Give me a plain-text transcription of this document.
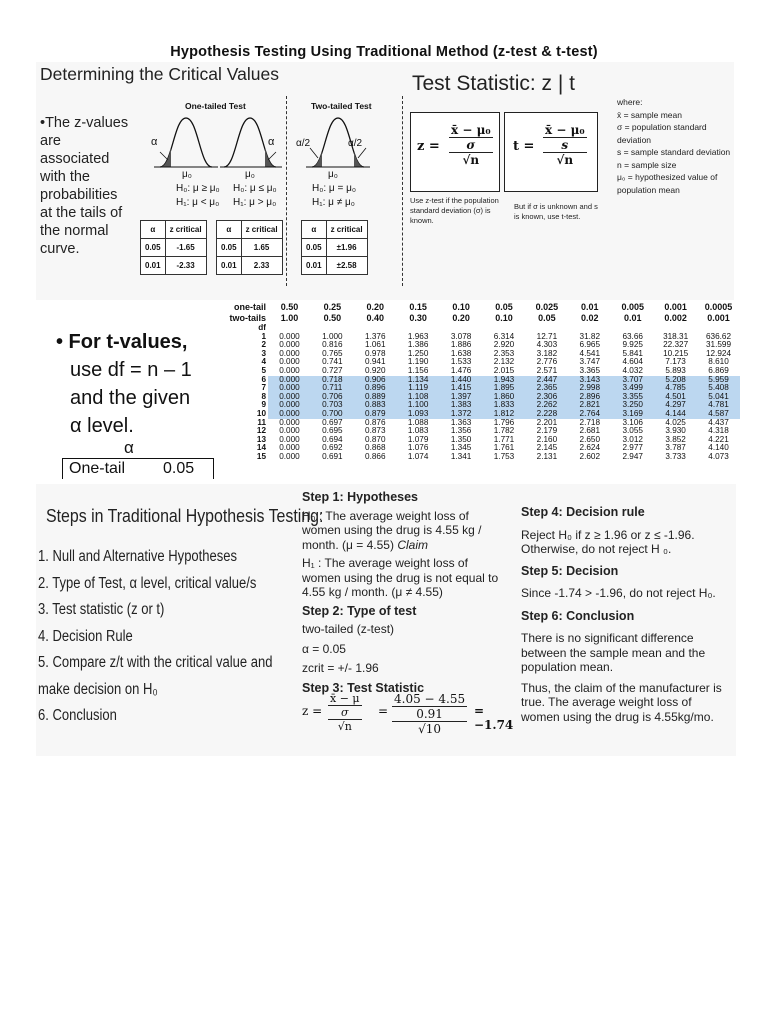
Hypothesis Testing Using Traditional Method (z-test & t-test)
Determining the Critical Values
•The z-values are associated with the probabilities at the tails of the normal curve.
One-tailed Test	Two-tailed Test
α	α α/2	α/2
μ₀
H₀: μ ≥ μ₀
H₁: μ < μ₀
μ₀
H₀: μ ≤ μ₀
H₁: μ > μ₀
μ₀
H₀: μ = μ₀
H₁: μ ≠ μ₀
α	z critical
0.05	-1.65
0.01	-2.33
α	z critical
0.05	1.65
0.01	2.33
α	z critical
0.05	±1.96
0.01	±2.58
Test Statistic: z | t
z =
x̄ − μ₀
σ
√n
t =
x̄ − μ₀
s
√n
Use z-test if the population standard deviation (σ) is known.
But if σ is unknown and s is known, use t-test.
where:
x̄ = sample mean
σ = population standard deviation
s = sample standard deviation
n = sample size
μ₀ = hypothesized value of population mean
• For t-values,
use df = n – 1
and the given
α level.
α
One-tail 0.05
one-tail	0.50	0.25	0.20	0.15	0.10	0.05	0.025	0.01	0.005	0.001	0.0005
two-tails	1.00	0.50	0.40	0.30	0.20	0.10	0.05	0.02	0.01	0.002	0.001
df											
1	0.000	1.000	1.376	1.963	3.078	6.314	12.71	31.82	63.66	318.31	636.62
2	0.000	0.816	1.061	1.386	1.886	2.920	4.303	6.965	9.925	22.327	31.599
3	0.000	0.765	0.978	1.250	1.638	2.353	3.182	4.541	5.841	10.215	12.924
4	0.000	0.741	0.941	1.190	1.533	2.132	2.776	3.747	4.604	7.173	8.610
5	0.000	0.727	0.920	1.156	1.476	2.015	2.571	3.365	4.032	5.893	6.869
6	0.000	0.718	0.906	1.134	1.440	1.943	2.447	3.143	3.707	5.208	5.959
7	0.000	0.711	0.896	1.119	1.415	1.895	2.365	2.998	3.499	4.785	5.408
8	0.000	0.706	0.889	1.108	1.397	1.860	2.306	2.896	3.355	4.501	5.041
9	0.000	0.703	0.883	1.100	1.383	1.833	2.262	2.821	3.250	4.297	4.781
10	0.000	0.700	0.879	1.093	1.372	1.812	2.228	2.764	3.169	4.144	4.587
11	0.000	0.697	0.876	1.088	1.363	1.796	2.201	2.718	3.106	4.025	4.437
12	0.000	0.695	0.873	1.083	1.356	1.782	2.179	2.681	3.055	3.930	4.318
13	0.000	0.694	0.870	1.079	1.350	1.771	2.160	2.650	3.012	3.852	4.221
14	0.000	0.692	0.868	1.076	1.345	1.761	2.145	2.624	2.977	3.787	4.140
15	0.000	0.691	0.866	1.074	1.341	1.753	2.131	2.602	2.947	3.733	4.073
Steps in Traditional Hypothesis Testing:
1. Null and Alternative Hypotheses
2. Type of Test, α level, critical value/s
3. Test statistic (z or t)
4. Decision Rule
5. Compare z/t with the critical value and
make decision on H₀
6. Conclusion

Step 1: Hypotheses

H₀ : The average weight loss of women using the drug is 4.55 kg / month. (μ = 4.55) Claim

H₁ : The average weight loss of women using the drug is not equal to 4.55 kg / month. (μ ≠ 4.55)

Step 2: Type of test

two-tailed (z-test)

α = 0.05

zcrit = +/- 1.96

Step 3: Test Statistic

z =
x̄ − μ
σ
√n
=
4.05 − 4.55
0.91
√10
= −1.74

Step 4: Decision rule

Reject H₀ if z ≥ 1.96 or z ≤ -1.96. Otherwise, do not reject H ₀.

Step 5: Decision

Since -1.74 > -1.96, do not reject H₀.

Step 6: Conclusion

There is no significant difference between the sample mean and the population mean.

Thus, the claim of the manufacturer is true. The average weight loss of women using the drug is 4.55kg/mo.
